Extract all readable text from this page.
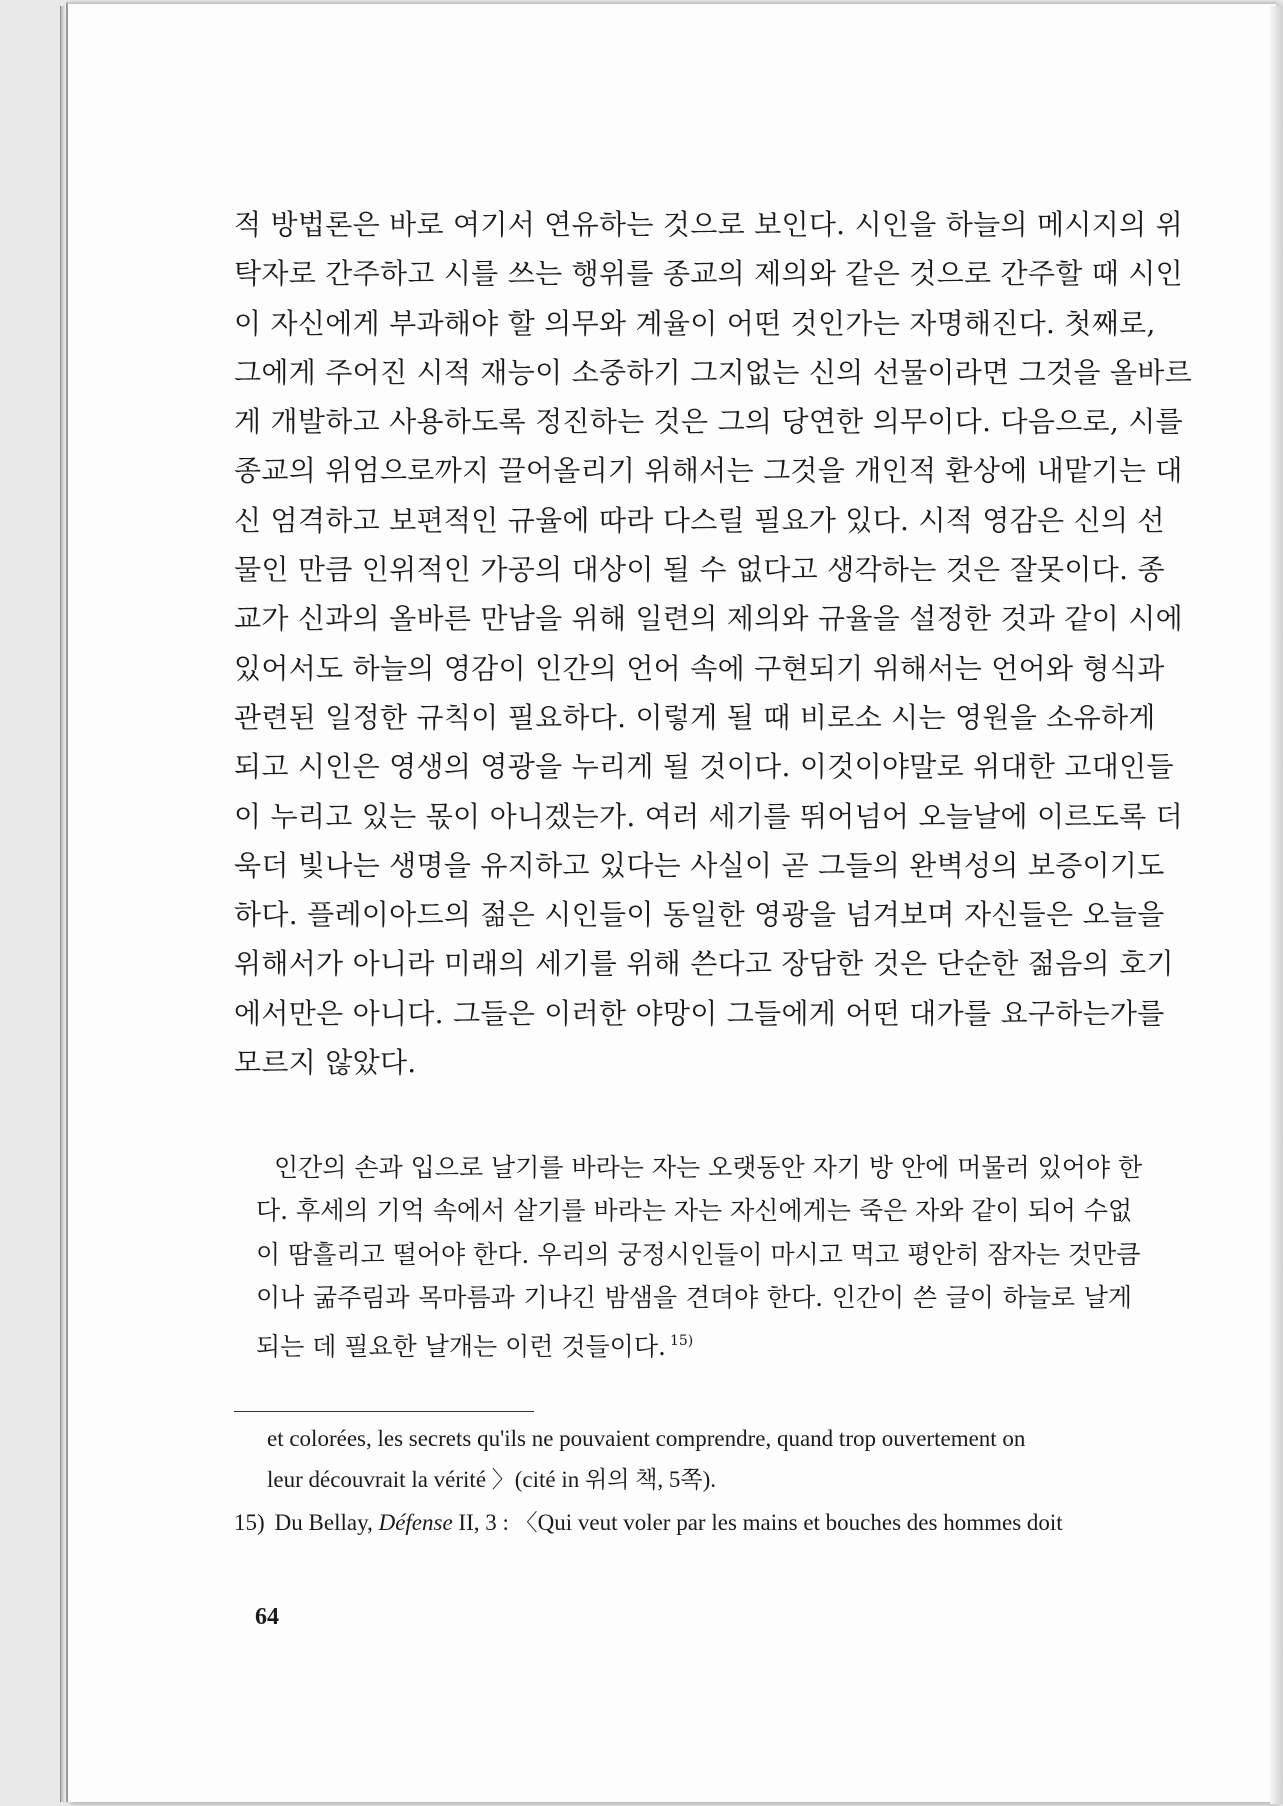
적 방법론은 바로 여기서 연유하는 것으로 보인다. 시인을 하늘의 메시지의 위
탁자로 간주하고 시를 쓰는 행위를 종교의 제의와 같은 것으로 간주할 때 시인
이 자신에게 부과해야 할 의무와 계율이 어떤 것인가는 자명해진다. 첫째로,
그에게 주어진 시적 재능이 소중하기 그지없는 신의 선물이라면 그것을 올바르
게 개발하고 사용하도록 정진하는 것은 그의 당연한 의무이다. 다음으로, 시를
종교의 위엄으로까지 끌어올리기 위해서는 그것을 개인적 환상에 내맡기는 대
신 엄격하고 보편적인 규율에 따라 다스릴 필요가 있다. 시적 영감은 신의 선
물인 만큼 인위적인 가공의 대상이 될 수 없다고 생각하는 것은 잘못이다. 종
교가 신과의 올바른 만남을 위해 일련의 제의와 규율을 설정한 것과 같이 시에
있어서도 하늘의 영감이 인간의 언어 속에 구현되기 위해서는 언어와 형식과
관련된 일정한 규칙이 필요하다. 이렇게 될 때 비로소 시는 영원을 소유하게
되고 시인은 영생의 영광을 누리게 될 것이다. 이것이야말로 위대한 고대인들
이 누리고 있는 몫이 아니겠는가. 여러 세기를 뛰어넘어 오늘날에 이르도록 더
욱더 빛나는 생명을 유지하고 있다는 사실이 곧 그들의 완벽성의 보증이기도
하다. 플레이아드의 젊은 시인들이 동일한 영광을 넘겨보며 자신들은 오늘을
위해서가 아니라 미래의 세기를 위해 쓴다고 장담한 것은 단순한 젊음의 호기
에서만은 아니다. 그들은 이러한 야망이 그들에게 어떤 대가를 요구하는가를
모르지 않았다.
인간의 손과 입으로 날기를 바라는 자는 오랫동안 자기 방 안에 머물러 있어야 한
다. 후세의 기억 속에서 살기를 바라는 자는 자신에게는 죽은 자와 같이 되어 수없
이 땀흘리고 떨어야 한다. 우리의 궁정시인들이 마시고 먹고 평안히 잠자는 것만큼
이나 굶주림과 목마름과 기나긴 밤샘을 견뎌야 한다. 인간이 쓴 글이 하늘로 날게
되는 데 필요한 날개는 이런 것들이다. $^{15)}$
et colorées, les secrets qu'ils ne pouvaient comprendre, quand trop ouvertement on
leur découvrait la vérité 〉(cité in 위의 책, 5쪽).
15) Du Bellay, Défense II, 3 : 〈Qui veut voler par les mains et bouches des hommes doit
64
